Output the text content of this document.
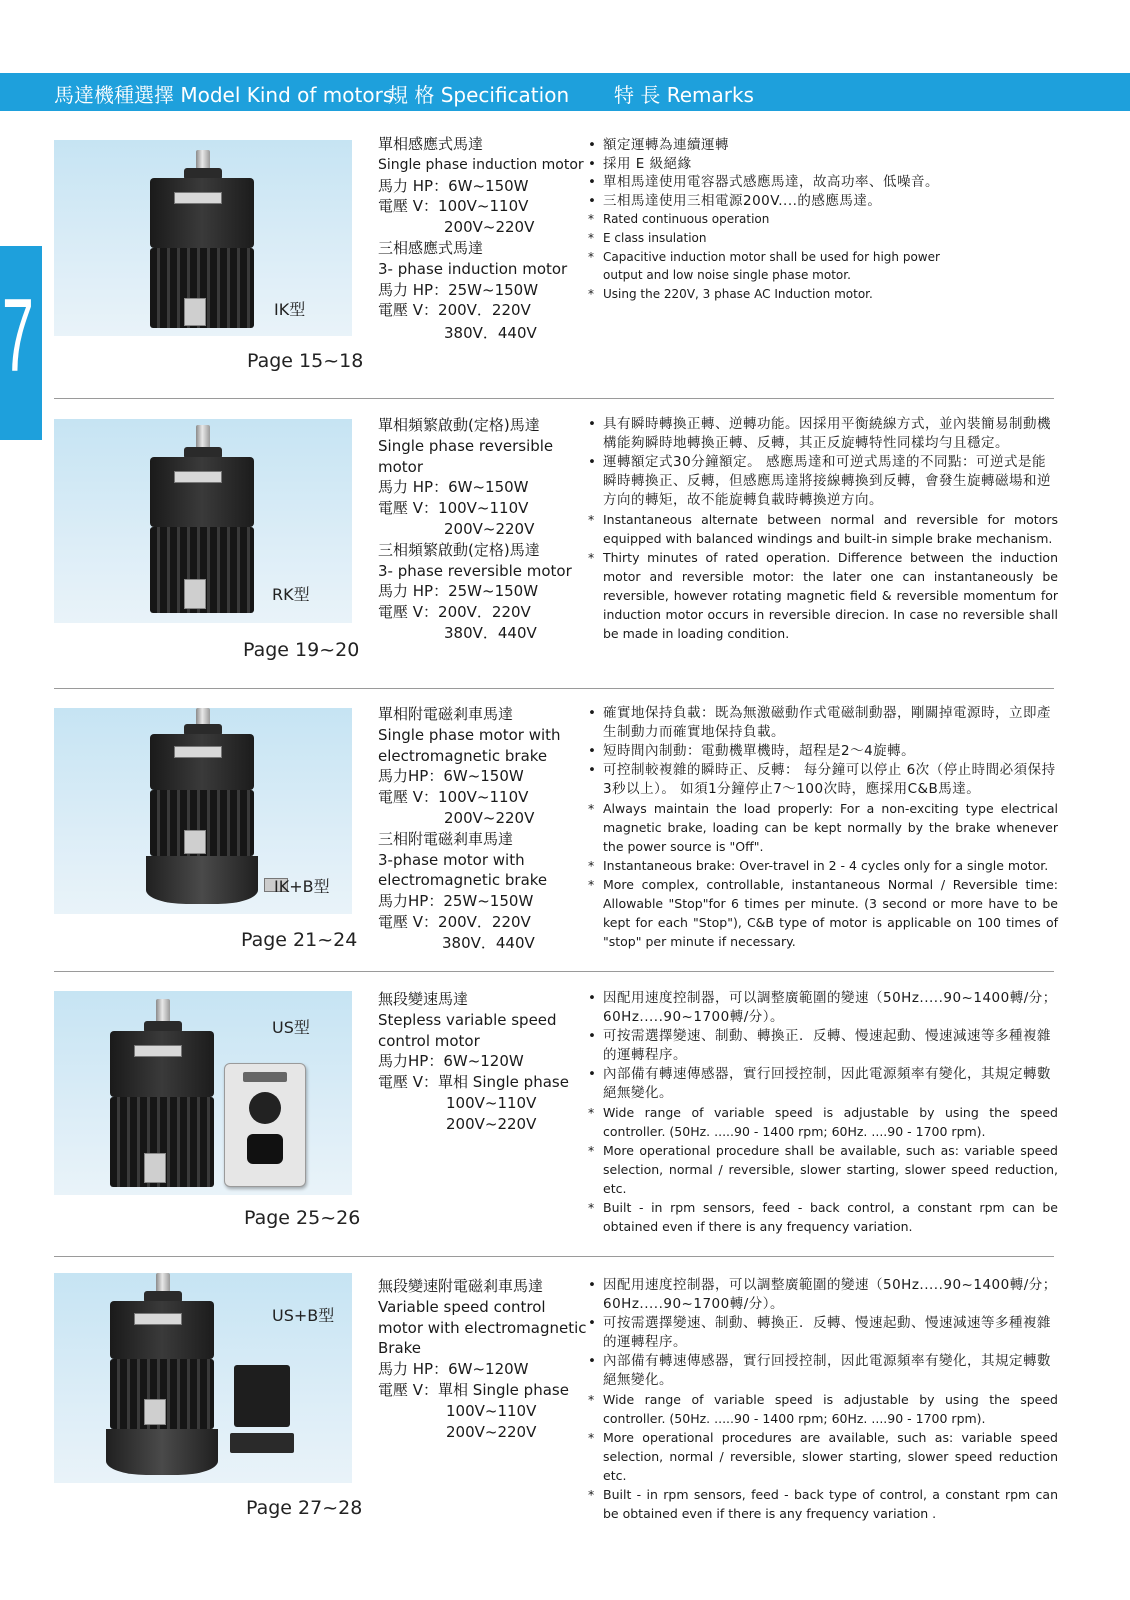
馬達機種選擇 Model Kind of motors
規 格 Specification 特 長 Remarks
7	IK型
Page 15~18
單相感應式馬達
Single phase induction motor
馬力 HP：6W~150W
電壓 V：100V~110V
200V~220V
三相感應式馬達
3- phase induction motor
馬力 HP：25W~150W
電壓 V：200V．220V
380V．440V
• 額定運轉為連續運轉
• 採用 E 級絕緣
• 單相馬達使用電容器式感應馬達，故高功率、低噪音。
• 三相馬達使用三相電源200V....的感應馬達。
* Rated continuous operation
* E class insulation
* Capacitive induction motor shall be used for high power output and low noise single phase motor.
* Using the 220V, 3 phase AC Induction motor.
RK型
Page 19~20
單相頻繁啟動(定格)馬達
Single phase reversible
motor
馬力 HP：6W~150W
電壓 V：100V~110V
200V~220V
三相頻繁啟動(定格)馬達
3- phase reversible motor
馬力 HP：25W~150W
電壓 V：200V．220V
380V．440V
• 具有瞬時轉換正轉、逆轉功能。因採用平衡繞線方式，並內裝簡易制動機構能夠瞬時地轉換正轉、反轉，其正反旋轉特性同樣均勻且穩定。
• 運轉額定式30分鐘額定。 感應馬達和可逆式馬達的不同點：可逆式是能瞬時轉換正、反轉，但感應馬達將接線轉換到反轉，會發生旋轉磁場和逆方向的轉矩，故不能旋轉負載時轉換逆方向。
* Instantaneous alternate between normal and reversible for motors equipped with balanced windings and built-in simple brake mechanism.
* Thirty minutes of rated operation. Difference between the induction motor and reversible motor: the later one can instantaneously be reversible, however rotating magnetic field & reversible momentum for induction motor occurs in reversible direcion. In case no reversible shall be made in loading condition.
IK+B型
Page 21~24
單相附電磁剎車馬達
Single phase motor with
electromagnetic brake
馬力HP：6W~150W
電壓 V：100V~110V
200V~220V
三相附電磁剎車馬達
3-phase motor with
electromagnetic brake
馬力HP：25W~150W
電壓 V：200V．220V
380V．440V
• 確實地保持負載：既為無激磁動作式電磁制動器，剛關掉電源時，立即產生制動力而確實地保持負載。
• 短時間內制動：電動機單機時，超程是2～4旋轉。
• 可控制較複雜的瞬時正、反轉： 每分鐘可以停止 6次（停止時間必須保持3秒以上）。 如須1分鐘停止7～100次時，應採用C&B馬達。
* Always maintain the load properly: For a non-exciting type electrical magnetic brake, loading can be kept normally by the brake whenever the power source is "Off".
* Instantaneous brake: Over-travel in 2 - 4 cycles only for a single motor.
* More complex, controllable, instantaneous Normal / Reversible time: Allowable "Stop"for 6 times per minute. (3 second or more have to be kept for each "Stop"), C&B type of motor is applicable on 100 times of "stop" per minute if necessary.
US型
Page 25~26
無段變速馬達
Stepless variable speed
control motor
馬力HP：6W~120W
電壓 V：單相 Single phase
100V~110V
200V~220V
• 因配用速度控制器，可以調整廣範圍的變速（50Hz.....90~1400轉/分；60Hz.....90~1700轉/分）。
• 可按需選擇變速、制動、轉換正．反轉、慢速起動、慢速減速等多種複雜的運轉程序。
• 內部備有轉速傳感器，實行回授控制，因此電源頻率有變化，其規定轉數絕無變化。
* Wide range of variable speed is adjustable by using the speed controller. (50Hz. .....90 - 1400 rpm; 60Hz. ....90 - 1700 rpm).
* More operational procedure shall be available, such as: variable speed selection, normal / reversible, slower starting, slower speed reduction, etc.
* Built - in rpm sensors, feed - back control, a constant rpm can be obtained even if there is any frequency variation.
US+B型
Page 27~28
無段變速附電磁剎車馬達
Variable speed control
motor with electromagnetic
Brake
馬力 HP：6W~120W
電壓 V：單相 Single phase
100V~110V
200V~220V
• 因配用速度控制器，可以調整廣範圍的變速（50Hz.....90~1400轉/分；60Hz.....90~1700轉/分）。
• 可按需選擇變速、制動、轉換正．反轉、慢速起動、慢速減速等多種複雜的運轉程序。
• 內部備有轉速傳感器，實行回授控制，因此電源頻率有變化，其規定轉數絕無變化。
* Wide range of variable speed is adjustable by using the speed controller. (50Hz. .....90 - 1400 rpm; 60Hz. ....90 - 1700 rpm).
* More operational procedures are available, such as: variable speed selection, normal / reversible, slower starting, slower speed reduction etc.
* Built - in rpm sensors, feed - back type of control, a constant rpm can be obtained even if there is any frequency variation .
